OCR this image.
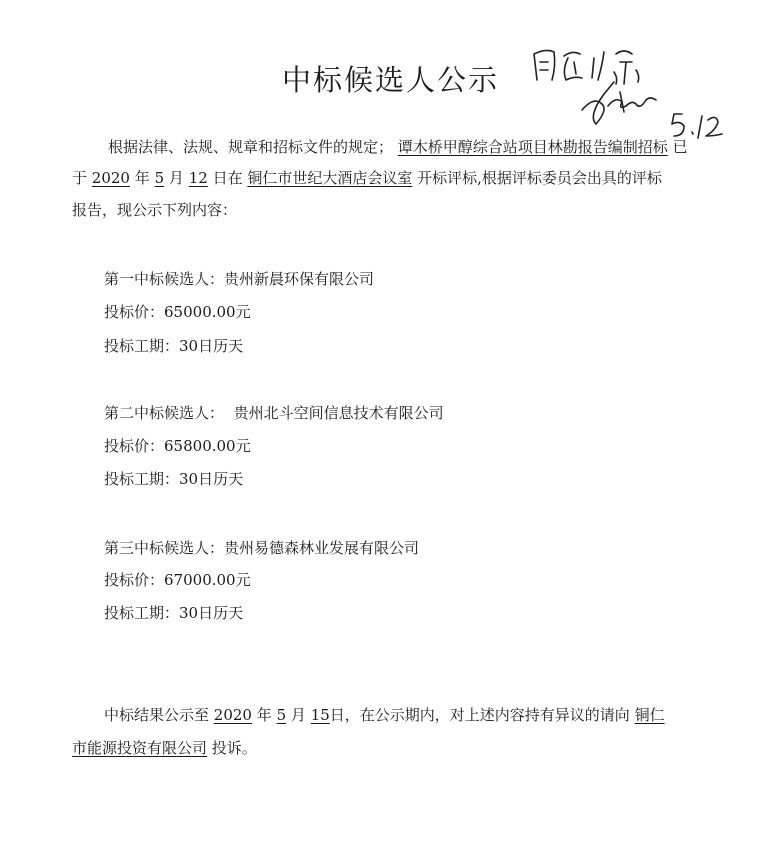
中标候选人公示
根据法律、法规、规章和招标文件的规定； 谭木桥甲醇综合站项目林勘报告编制招标 已
于 2020 年 5 月 12 日在 铜仁市世纪大酒店会议室 开标评标,根据评标委员会出具的评标
报告，现公示下列内容：
第一中标候选人：贵州新晨环保有限公司
投标价：65000.00元
投标工期：30日历天
第二中标候选人： 贵州北斗空间信息技术有限公司
投标价：65800.00元
投标工期：30日历天
第三中标候选人：贵州易德森林业发展有限公司
投标价：67000.00元
投标工期：30日历天
中标结果公示至 2020 年 5 月 15日，在公示期内，对上述内容持有异议的请向 铜仁
市能源投资有限公司 投诉。
